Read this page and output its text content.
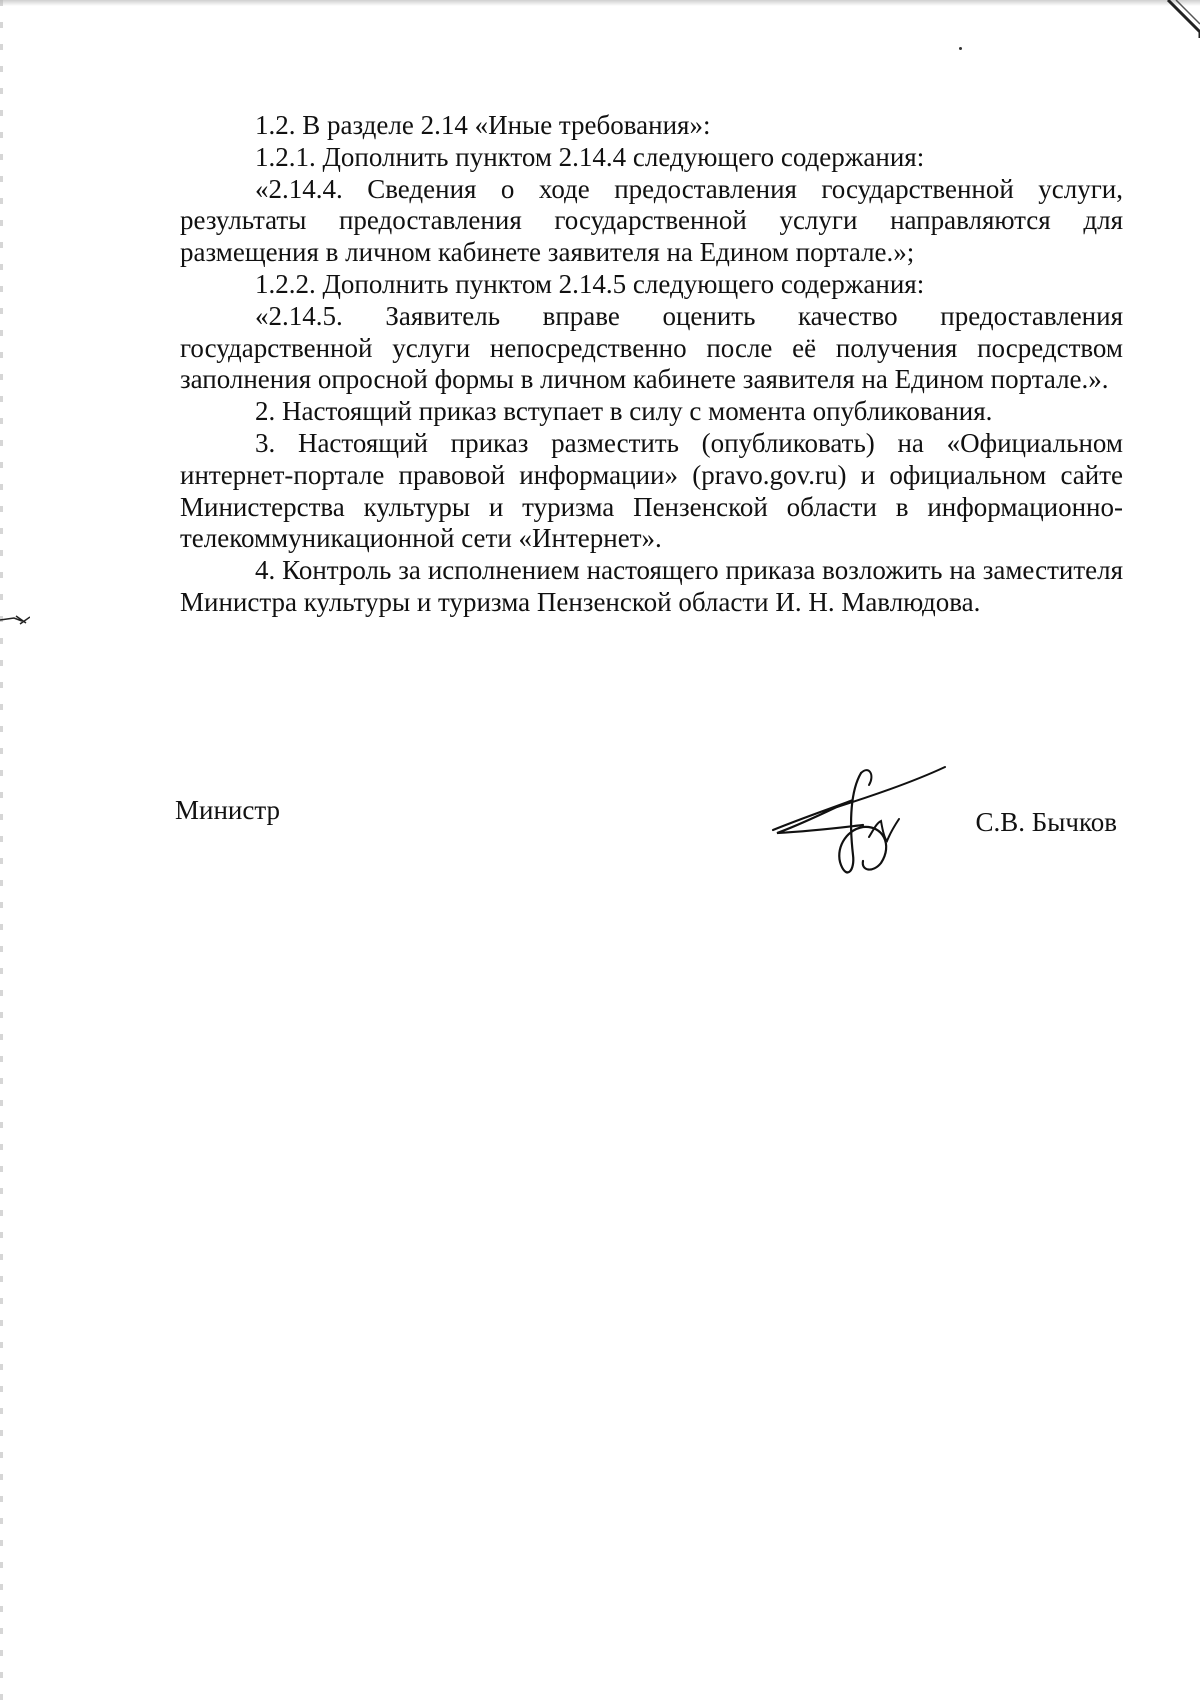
1.2. В разделе 2.14 «Иные требования»:

1.2.1. Дополнить пунктом 2.14.4 следующего содержания:

«2.14.4. Сведения о ходе предоставления государственной услуги, результаты предоставления государственной услуги направляются для размещения в личном кабинете заявителя на Едином портале.»;

1.2.2. Дополнить пунктом 2.14.5 следующего содержания:

«2.14.5. Заявитель вправе оценить качество предоставления государственной услуги непосредственно после её получения посредством заполнения опросной формы в личном кабинете заявителя на Едином портале.».

2. Настоящий приказ вступает в силу с момента опубликования.

3. Настоящий приказ разместить (опубликовать) на «Официальном интернет-портале правовой информации» (pravo.gov.ru) и официальном сайте Министерства культуры и туризма Пензенской области в информационно-телекоммуникационной сети «Интернет».

4. Контроль за исполнением настоящего приказа возложить на заместителя Министра культуры и туризма Пензенской области И. Н. Мавлюдова.

Министр	С.В. Бычков
